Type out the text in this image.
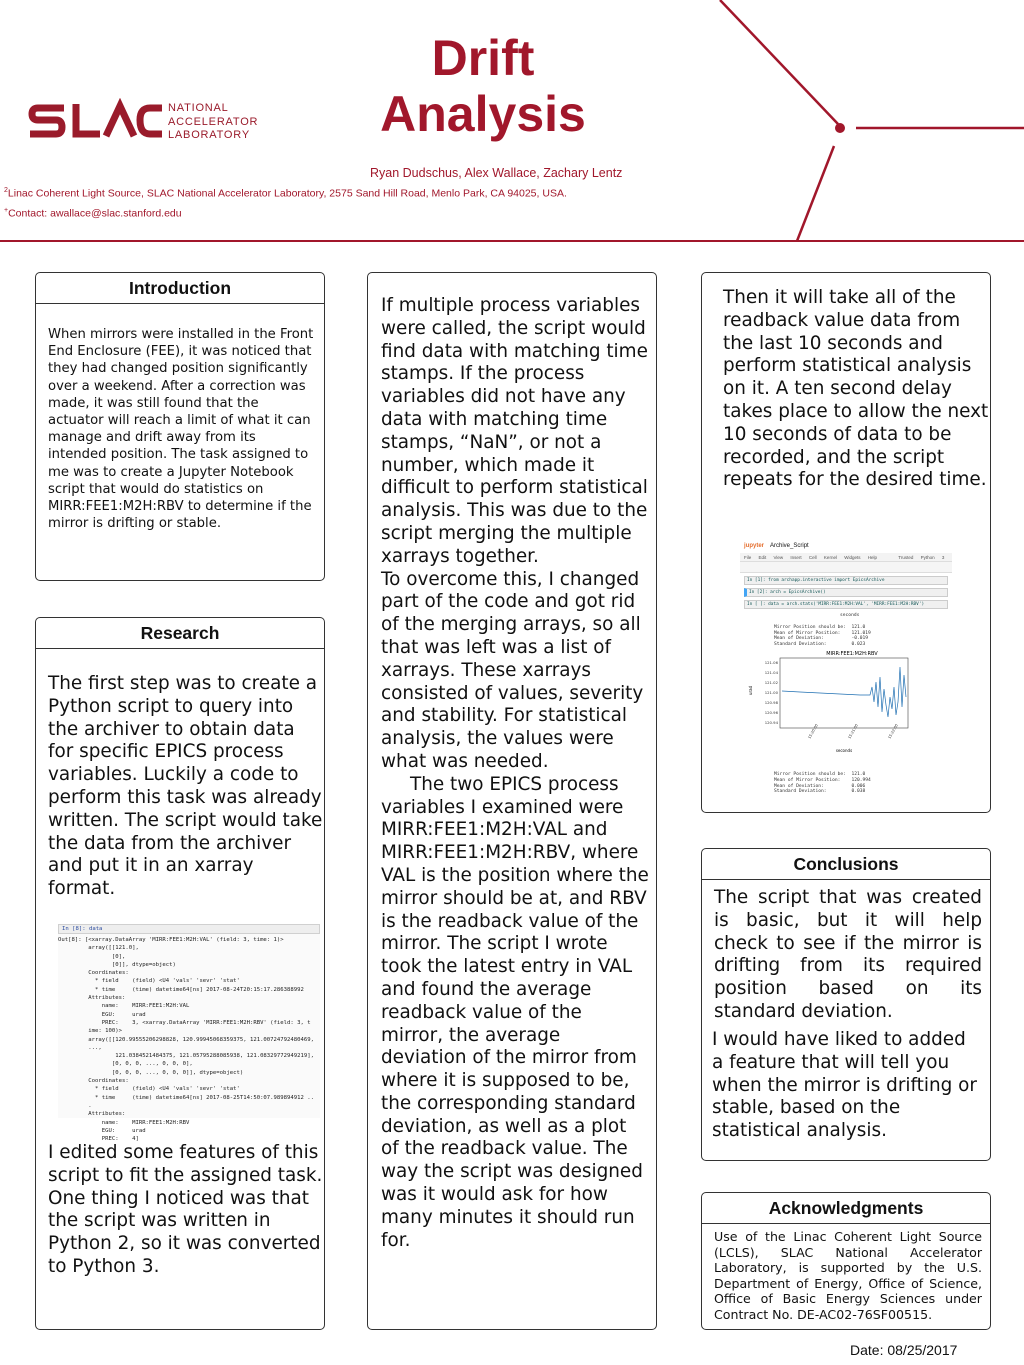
NATIONAL
ACCELERATOR
LABORATORY
Drift
Analysis
Ryan Dudschus, Alex Wallace, Zachary Lentz
$^2$Linac Coherent Light Source, SLAC National Accelerator Laboratory, 2575 Sand Hill Road, Menlo Park, CA 94025, USA.
+Contact: awallace@slac.stanford.edu
Introduction
When mirrors were installed in the Front End Enclosure (FEE), it was noticed that they had changed position significantly over a weekend. After a correction was made, it was still found that the actuator will reach a limit of what it can manage and drift away from its intended position. The task assigned to me was to create a Jupyter Notebook script that would do statistics on MIRR:FEE1:M2H:RBV to determine if the mirror is drifting or stable.
Research
The first step was to create a Python script to query into the archiver to obtain data for specific EPICS process variables. Luckily a code to perform this task was already written. The script would take the data from the archiver and put it in an xarray format.
In [8]: data
Out[8]: [<xarray.DataArray 'MIRR:FEE1:M2H:VAL' (field: 3, time: 1)>
array([[121.0],
[0],
[0]], dtype=object)
Coordinates:
* field    (field) <U4 'vals' 'sevr' 'stat'
* time     (time) datetime64[ns] 2017-08-24T20:15:17.286388992
Attributes:
name:    MIRR:FEE1:M2H:VAL
EGU:     urad
PREC:    3, <xarray.DataArray 'MIRR:FEE1:M2H:RBV' (field: 3, t
ime: 100)>
array([[120.99555206298828, 120.99945068359375, 121.00724792480469,
...,
121.0384521484375, 121.05795288085938, 121.08329772949219],
[0, 0, 0, ..., 0, 0, 0],
[0, 0, 0, ..., 0, 0, 0]], dtype=object)
Coordinates:
* field    (field) <U4 'vals' 'sevr' 'stat'
* time     (time) datetime64[ns] 2017-08-25T14:50:07.989894912 ..
.
Attributes:
name:    MIRR:FEE1:M2H:RBV
EGU:     urad
PREC:    4]
I edited some features of this script to fit the assigned task. One thing I noticed was that the script was written in Python 2, so it was converted to Python 3.
If multiple process variables were called, the script would find data with matching time stamps. If the process variables did not have any data with matching time stamps, “NaN”, or not a number, which made it difficult to perform statistical analysis. This was due to the script merging the multiple xarrays together.
To overcome this, I changed part of the code and got rid of the merging arrays, so all that was left was a list of xarrays. These xarrays consisted of values, severity and stability. For statistical analysis, the values were what was needed.
The two EPICS process variables I examined were MIRR:FEE1:M2H:VAL and MIRR:FEE1:M2H:RBV, where VAL is the position where the mirror should be at, and RBV is the readback value of the mirror. The script I wrote took the latest entry in VAL and found the average readback value of the mirror, the average deviation of the mirror from where it is supposed to be, the corresponding standard deviation, as well as a plot of the readback value. The way the script was designed was it would ask for how many minutes it should run for.
Then it will take all of the readback value data from the last 10 seconds and perform statistical analysis on it. A ten second delay takes place to allow the next 10 seconds of data to be recorded, and the script repeats for the desired time.
jupyter Archive_Script
File Edit View Insert Cell Kernel Widgets Help	Trusted Python 3
In [1]: from archapp.interactive import EpicsArchive
In [2]: arch = EpicsArchive()
In [ ]: data = arch.stats('MIRR:FEE1:M2H:VAL', 'MIRR:FEE1:M2H:RBV')
seconds
Mirror Position should be:  121.0
Mean of Mirror Position:    121.019
Mean of Deviation:          -0.019
Standard Deviation:         0.023
MIRR:FEE1:M2H:RBV
121.06
121.04
121.02
121.00
120.98
120.96
120.94
urad
15:20:00	15:21:00	15:22:00
seconds
Mirror Position should be:  121.0
Mean of Mirror Position:    120.994
Mean of Deviation:          0.006
Standard Deviation:         0.038
Conclusions
The script that was created is basic, but it will help check to see if the mirror is drifting from its required position based on its standard deviation.
I would have liked to added a feature that will tell you when the mirror is drifting or stable, based on the statistical analysis.
Acknowledgments
Use of the Linac Coherent Light Source (LCLS), SLAC National Accelerator Laboratory, is supported by the U.S. Department of Energy, Office of Science, Office of Basic Energy Sciences under Contract No. DE-AC02-76SF00515.
Date: 08/25/2017
